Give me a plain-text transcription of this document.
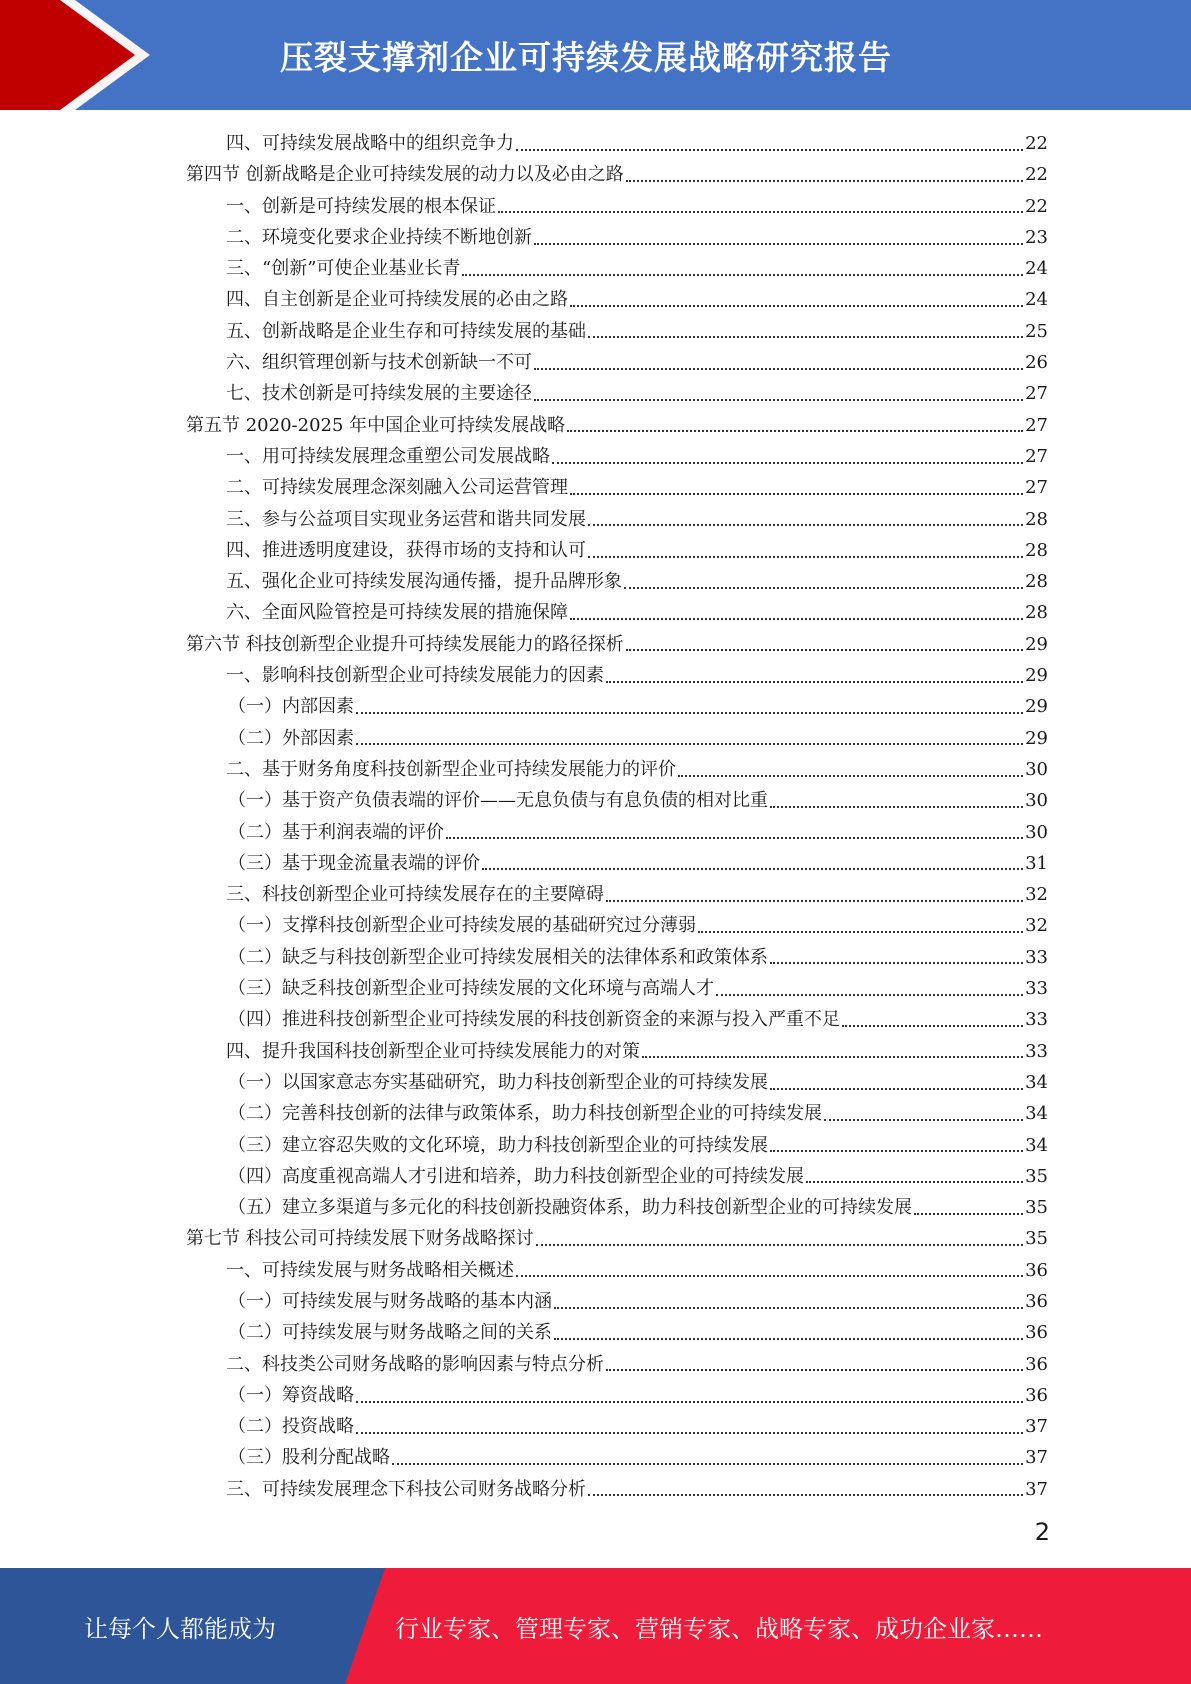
压裂支撑剂企业可持续发展战略研究报告
四、可持续发展战略中的组织竞争力	22
第四节 创新战略是企业可持续发展的动力以及必由之路	22
一、创新是可持续发展的根本保证	22
二、环境变化要求企业持续不断地创新	23
三、“创新”可使企业基业长青	24
四、自主创新是企业可持续发展的必由之路	24
五、创新战略是企业生存和可持续发展的基础	25
六、组织管理创新与技术创新缺一不可	26
七、技术创新是可持续发展的主要途径	27
第五节 2020-2025 年中国企业可持续发展战略	27
一、用可持续发展理念重塑公司发展战略	27
二、可持续发展理念深刻融入公司运营管理	27
三、参与公益项目实现业务运营和谐共同发展	28
四、推进透明度建设，获得市场的支持和认可	28
五、强化企业可持续发展沟通传播，提升品牌形象	28
六、全面风险管控是可持续发展的措施保障	28
第六节 科技创新型企业提升可持续发展能力的路径探析	29
一、影响科技创新型企业可持续发展能力的因素	29
（一）内部因素	29
（二）外部因素	29
二、基于财务角度科技创新型企业可持续发展能力的评价	30
（一）基于资产负债表端的评价——无息负债与有息负债的相对比重	30
（二）基于利润表端的评价	30
（三）基于现金流量表端的评价	31
三、科技创新型企业可持续发展存在的主要障碍	32
（一）支撑科技创新型企业可持续发展的基础研究过分薄弱	32
（二）缺乏与科技创新型企业可持续发展相关的法律体系和政策体系	33
（三）缺乏科技创新型企业可持续发展的文化环境与高端人才	33
（四）推进科技创新型企业可持续发展的科技创新资金的来源与投入严重不足	33
四、提升我国科技创新型企业可持续发展能力的对策	33
（一）以国家意志夯实基础研究，助力科技创新型企业的可持续发展	34
（二）完善科技创新的法律与政策体系，助力科技创新型企业的可持续发展	34
（三）建立容忍失败的文化环境，助力科技创新型企业的可持续发展	34
（四）高度重视高端人才引进和培养，助力科技创新型企业的可持续发展	35
（五）建立多渠道与多元化的科技创新投融资体系，助力科技创新型企业的可持续发展	35
第七节 科技公司可持续发展下财务战略探讨	35
一、可持续发展与财务战略相关概述	36
（一）可持续发展与财务战略的基本内涵	36
（二）可持续发展与财务战略之间的关系	36
二、科技类公司财务战略的影响因素与特点分析	36
（一）筹资战略	36
（二）投资战略	37
（三）股利分配战略	37
三、可持续发展理念下科技公司财务战略分析	37
2
让每个人都能成为	行业专家、管理专家、营销专家、战略专家、成功企业家……
